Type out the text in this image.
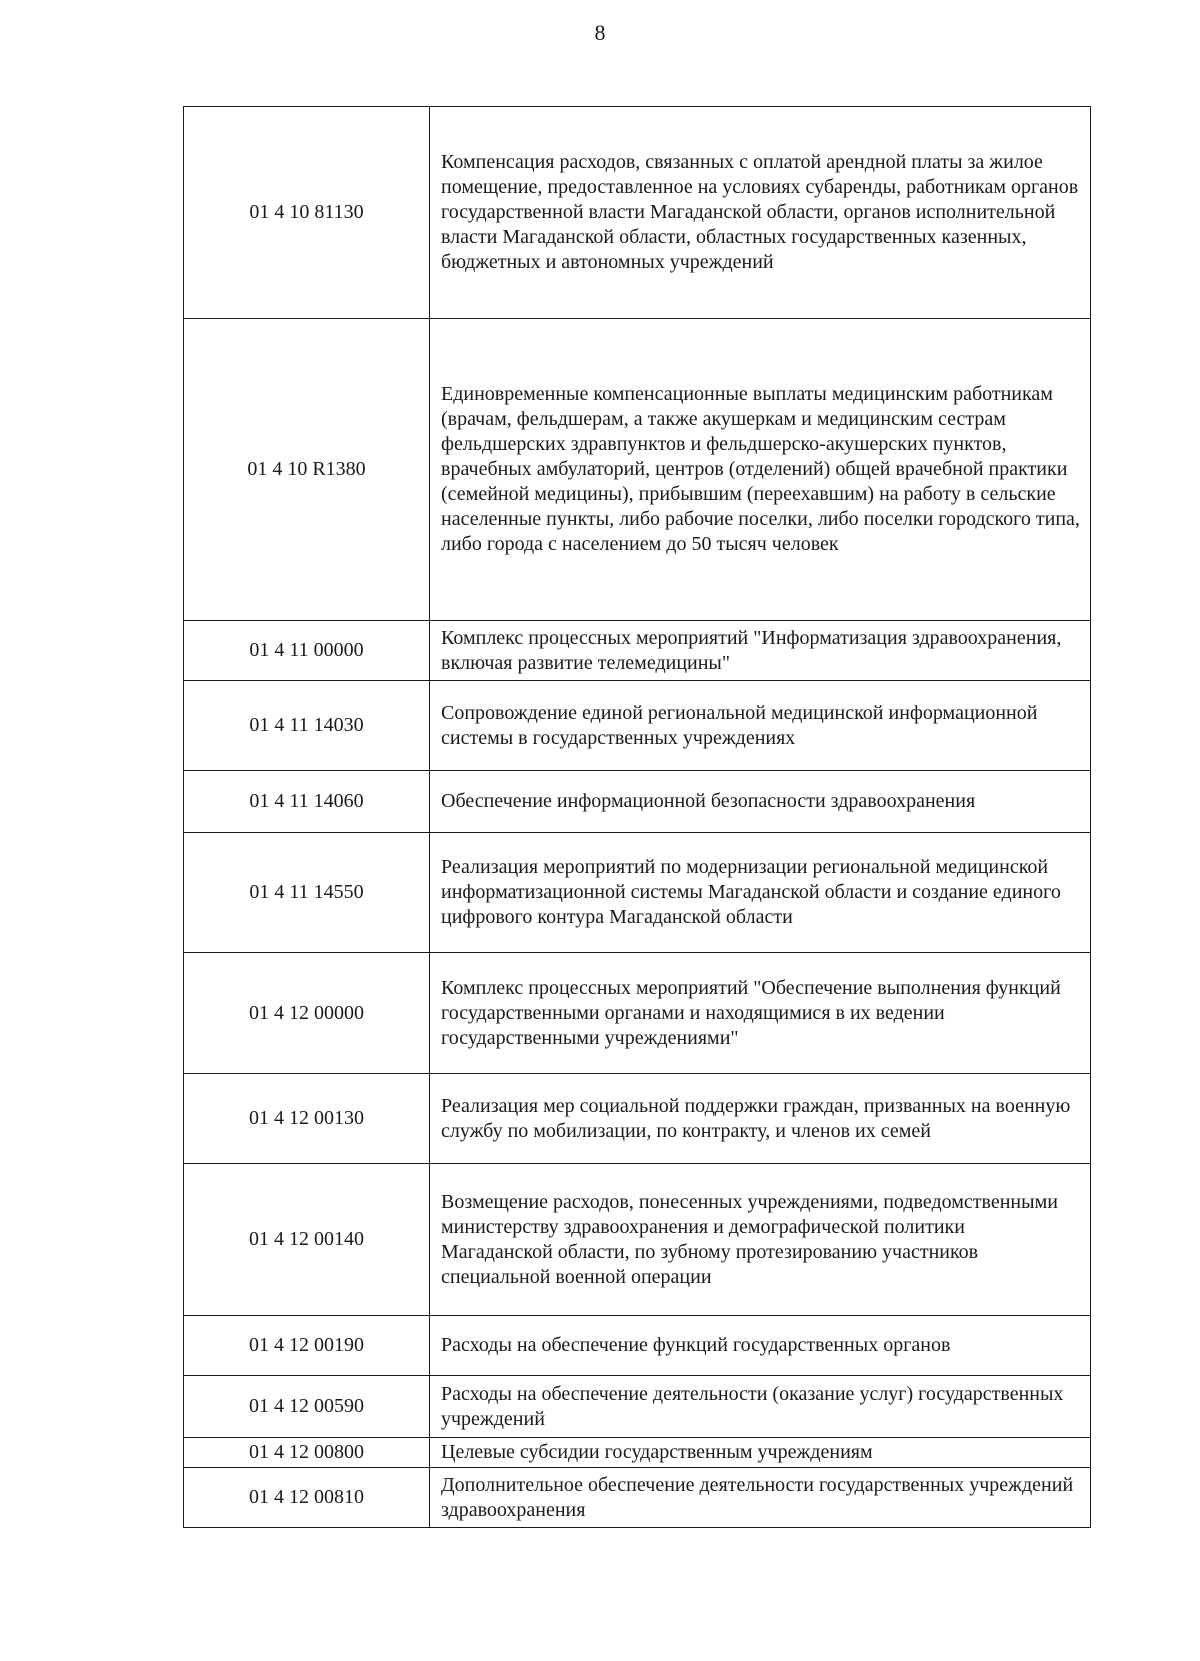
8
01 4 10 81130	Компенсация расходов, связанных с оплатой арендной платы за жилое помещение, предоставленное на условиях субаренды, работникам органов государственной власти Магаданской области, органов исполнительной власти Магаданской области, областных государственных казенных, бюджетных и автономных учреждений
01 4 10 R1380	Единовременные компенсационные выплаты медицинским работникам (врачам, фельдшерам, а также акушеркам и медицинским сестрам фельдшерских здравпунктов и фельдшерско-акушерских пунктов, врачебных амбулаторий, центров (отделений) общей врачебной практики (семейной медицины), прибывшим (переехавшим) на работу в сельские населенные пункты, либо рабочие поселки, либо поселки городского типа, либо города с населением до 50 тысяч человек
01 4 11 00000	Комплекс процессных мероприятий "Информатизация здравоохранения, включая развитие телемедицины"
01 4 11 14030	Сопровождение единой региональной медицинской информационной системы в государственных учреждениях
01 4 11 14060	Обеспечение информационной безопасности здравоохранения
01 4 11 14550	Реализация мероприятий по модернизации региональной медицинской информатизационной системы Магаданской области и создание единого цифрового контура Магаданской области
01 4 12 00000	Комплекс процессных мероприятий "Обеспечение выполнения функций государственными органами и находящимися в их ведении государственными учреждениями"
01 4 12 00130	Реализация мер социальной поддержки граждан, призванных на военную службу по мобилизации, по контракту, и членов их семей
01 4 12 00140	Возмещение расходов, понесенных учреждениями, подведомственными министерству здравоохранения и демографической политики Магаданской области, по зубному протезированию участников специальной военной операции
01 4 12 00190	Расходы на обеспечение функций государственных органов
01 4 12 00590	Расходы на обеспечение деятельности (оказание услуг) государственных учреждений
01 4 12 00800	Целевые субсидии государственным учреждениям
01 4 12 00810	Дополнительное обеспечение деятельности государственных учреждений здравоохранения
